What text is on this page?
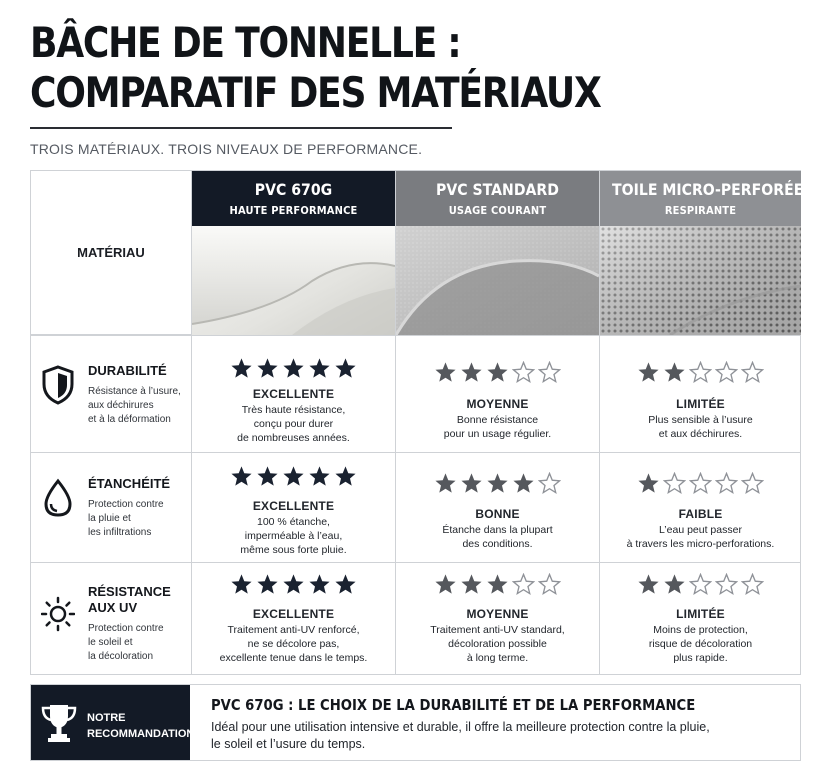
BÂCHE DE TONNELLE :
COMPARATIF DES MATÉRIAUX
TROIS MATÉRIAUX. TROIS NIVEAUX DE PERFORMANCE.
MATÉRIAU
PVC 670G
HAUTE PERFORMANCE
PVC STANDARD
USAGE COURANT
TOILE MICRO-PERFORÉE
RESPIRANTE
DURABILITÉ
Résistance à l’usure,
aux déchirures
et à la déformation
EXCELLENTE
Très haute résistance,
conçu pour durer
de nombreuses années.
MOYENNE
Bonne résistance
pour un usage régulier.
LIMITÉE
Plus sensible à l’usure
et aux déchirures.
ÉTANCHÉITÉ
Protection contre
la pluie et
les infiltrations
EXCELLENTE
100 % étanche,
imperméable à l’eau,
même sous forte pluie.
BONNE
Étanche dans la plupart
des conditions.
FAIBLE
L’eau peut passer
à travers les micro-perforations.
RÉSISTANCE
AUX UV
Protection contre
le soleil et
la décoloration
EXCELLENTE
Traitement anti-UV renforcé,
ne se décolore pas,
excellente tenue dans le temps.
MOYENNE
Traitement anti-UV standard,
décoloration possible
à long terme.
LIMITÉE
Moins de protection,
risque de décoloration
plus rapide.
NOTRE
RECOMMANDATION
PVC 670G : LE CHOIX DE LA DURABILITÉ ET DE LA PERFORMANCE
Idéal pour une utilisation intensive et durable, il offre la meilleure protection contre la pluie,
le soleil et l’usure du temps.
